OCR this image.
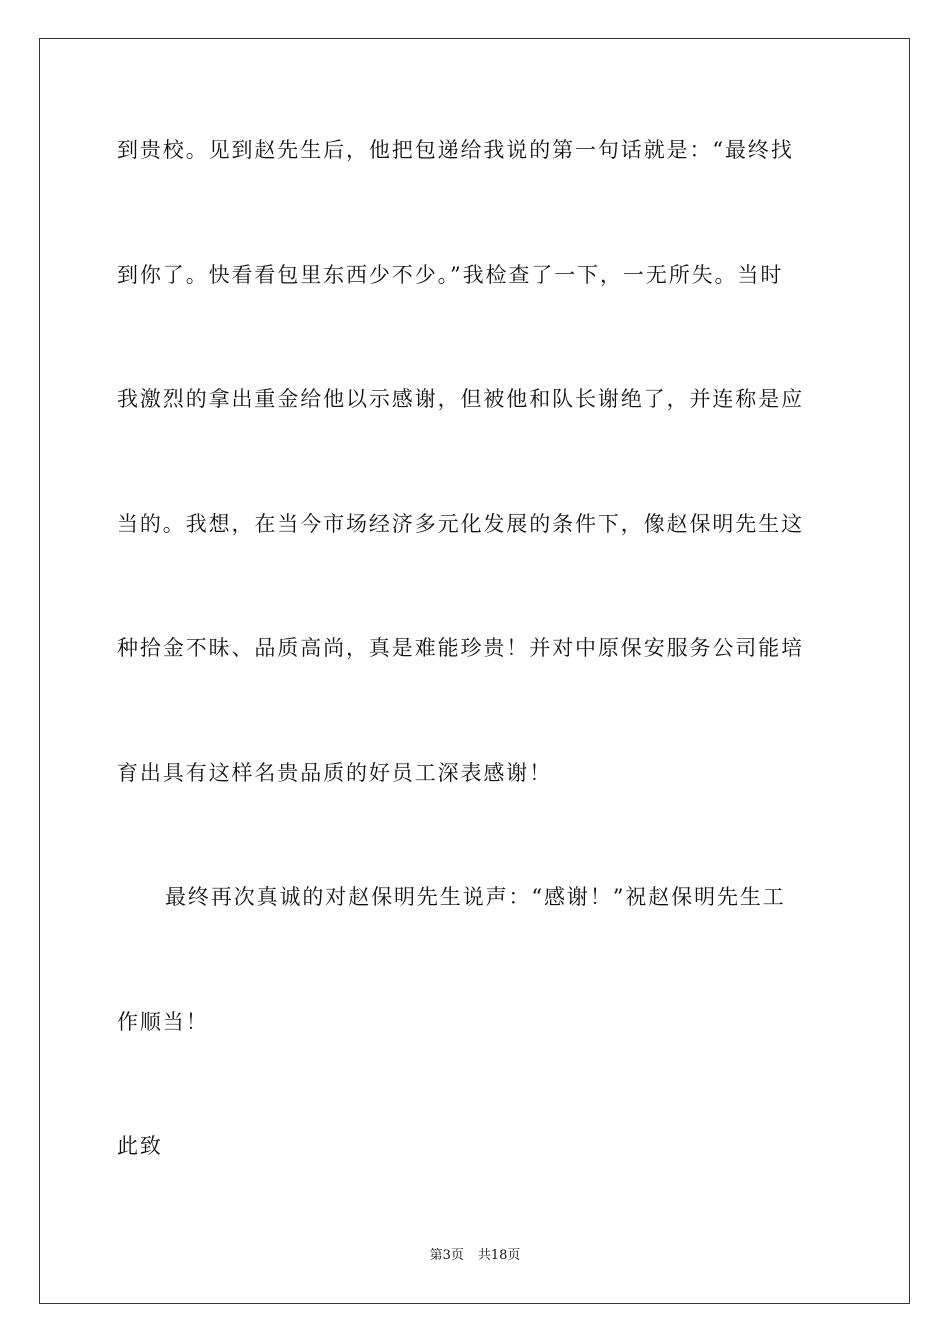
到贵校。见到赵先生后，他把包递给我说的第一句话就是：“最终找
到你了。快看看包里东西少不少。”我检查了一下，一无所失。当时
我激烈的拿出重金给他以示感谢，但被他和队长谢绝了，并连称是应
当的。我想，在当今市场经济多元化发展的条件下，像赵保明先生这
种拾金不昧、品质高尚，真是难能珍贵！并对中原保安服务公司能培
育出具有这样名贵品质的好员工深表感谢！
最终再次真诚的对赵保明先生说声：“感谢！”祝赵保明先生工
作顺当！
此致
第3页 共18页
